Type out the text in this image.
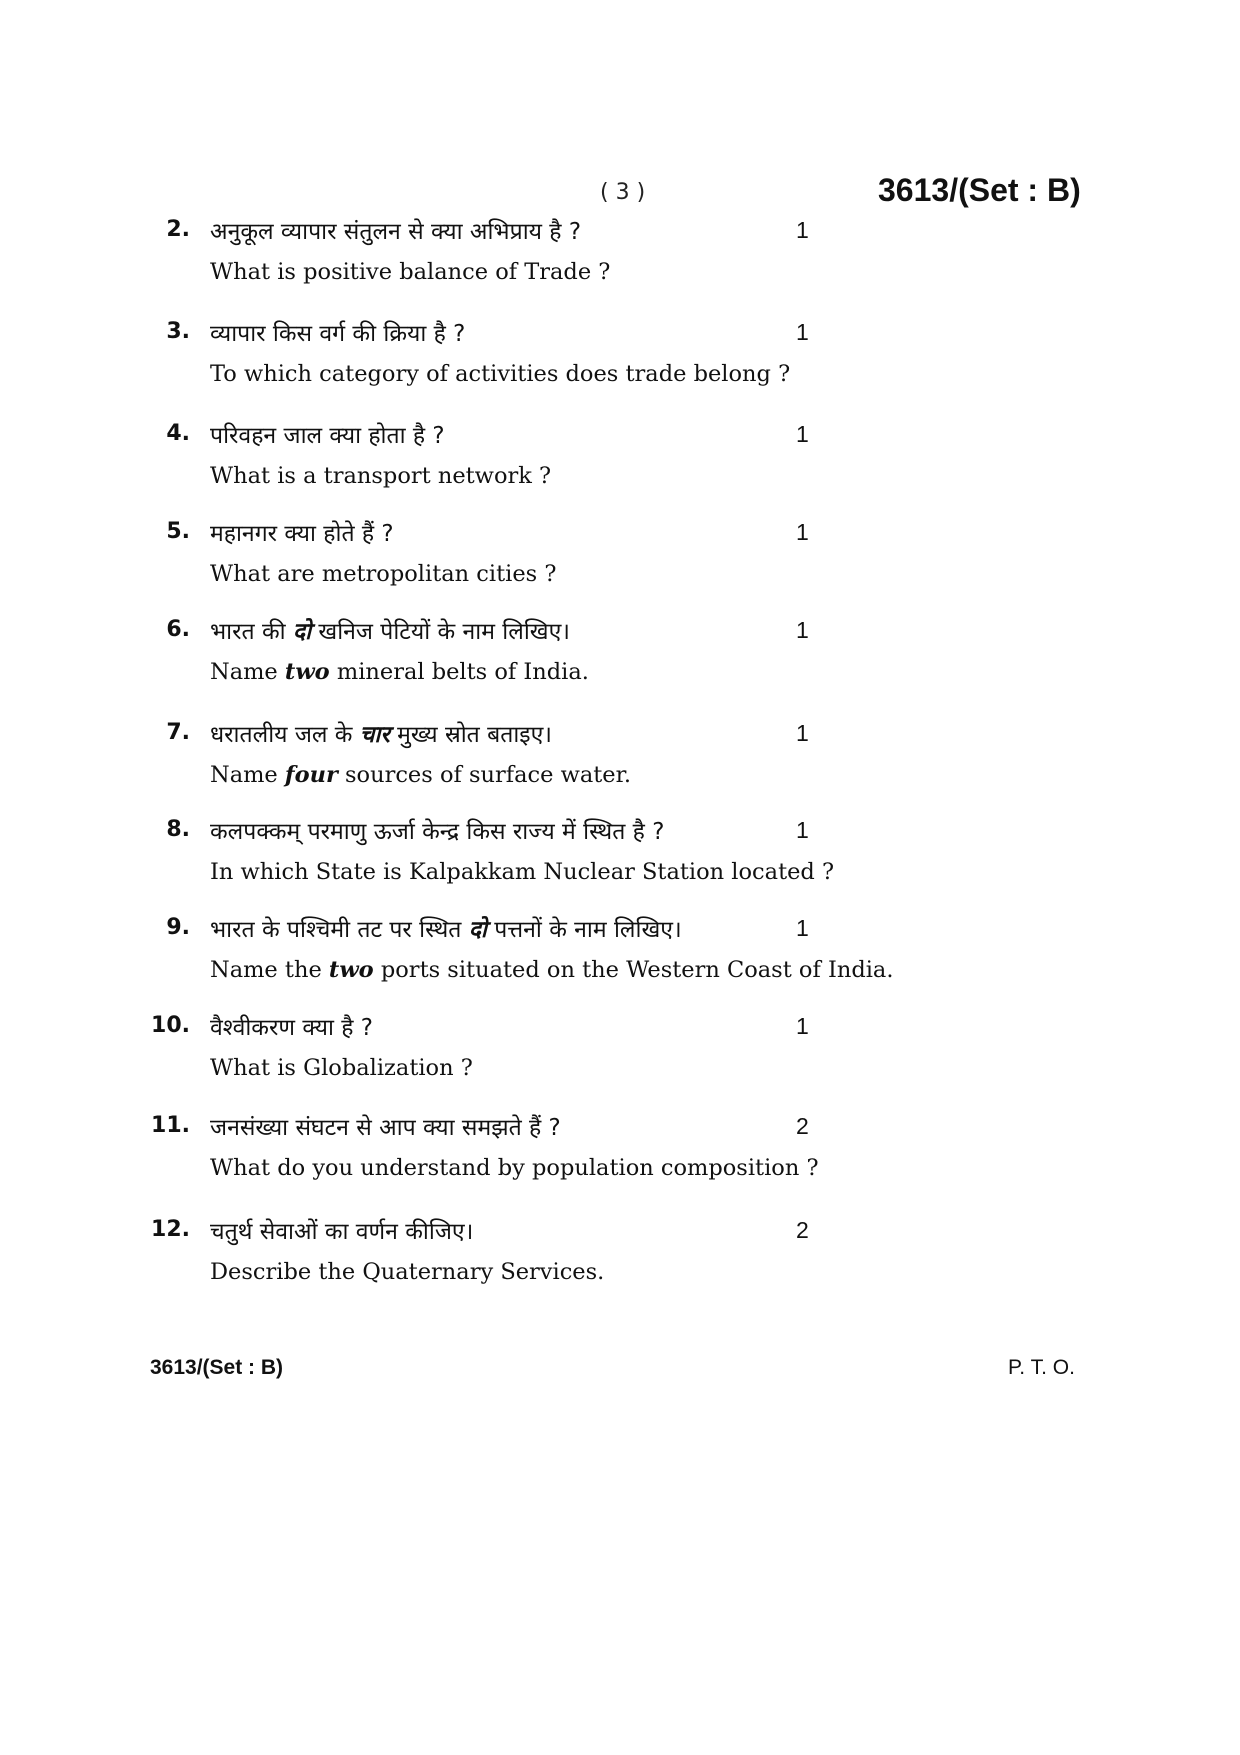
( 3 )	3613/(Set : B)
2. अनुकूल व्यापार संतुलन से क्या अभिप्राय है ?	1
What is positive balance of Trade ?
3. व्यापार किस वर्ग की क्रिया है ?	1
To which category of activities does trade belong ?
4. परिवहन जाल क्या होता है ?	1
What is a transport network ?
5. महानगर क्या होते हैं ?	1
What are metropolitan cities ?
6. भारत की दो खनिज पेटियों के नाम लिखिए।	1
Name two mineral belts of India.
7. धरातलीय जल के चार मुख्य स्रोत बताइए।	1
Name four sources of surface water.
8. कलपक्कम् परमाणु ऊर्जा केन्द्र किस राज्य में स्थित है ?	1
In which State is Kalpakkam Nuclear Station located ?
9. भारत के पश्चिमी तट पर स्थित दो पत्तनों के नाम लिखिए।	1
Name the two ports situated on the Western Coast of India.
10. वैश्वीकरण क्या है ?	1
What is Globalization ?
11. जनसंख्या संघटन से आप क्या समझते हैं ?	2
What do you understand by population composition ?
12. चतुर्थ सेवाओं का वर्णन कीजिए।	2
Describe the Quaternary Services.
3613/(Set : B)	P. T. O.
